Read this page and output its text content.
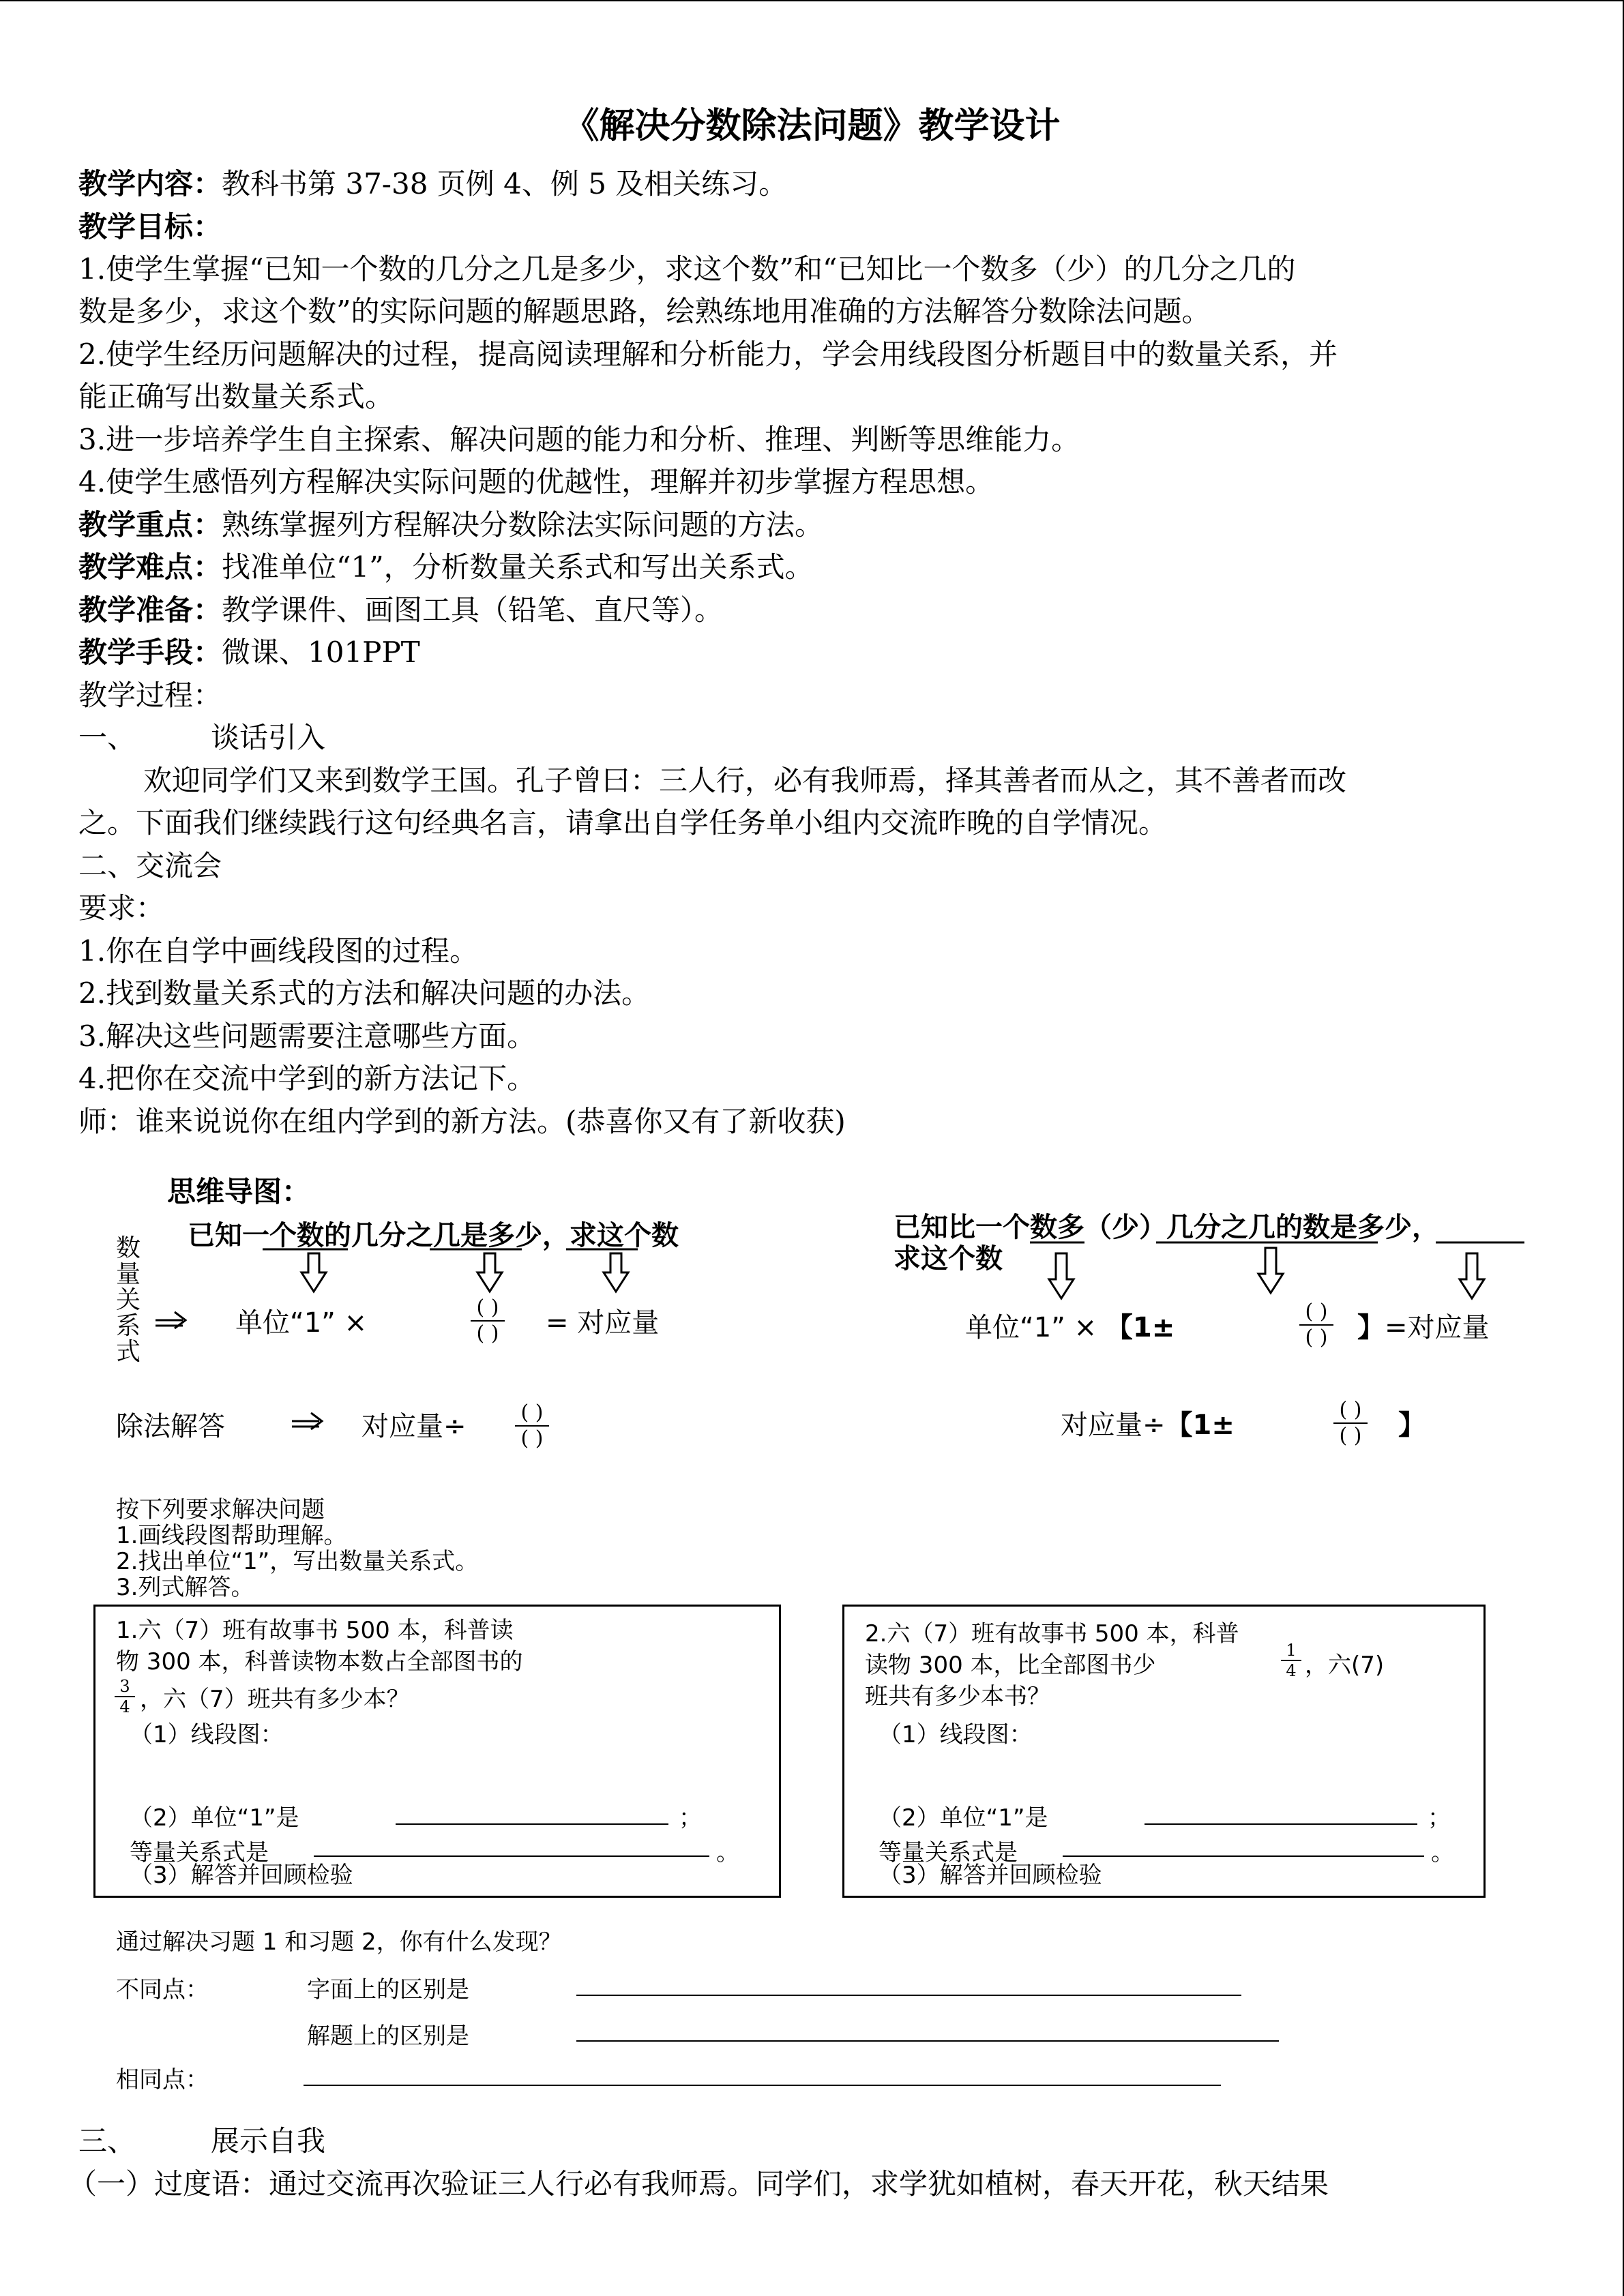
《解决分数除法问题》教学设计
教学内容：教科书第 37-38 页例 4、例 5 及相关练习。
教学目标：
1.使学生掌握“已知一个数的几分之几是多少，求这个数”和“已知比一个数多（少）的几分之几的
数是多少，求这个数”的实际问题的解题思路，绘熟练地用准确的方法解答分数除法问题。
2.使学生经历问题解决的过程，提高阅读理解和分析能力，学会用线段图分析题目中的数量关系，并
能正确写出数量关系式。
3.进一步培养学生自主探索、解决问题的能力和分析、推理、判断等思维能力。
4.使学生感悟列方程解决实际问题的优越性，理解并初步掌握方程思想。
教学重点：熟练掌握列方程解决分数除法实际问题的方法。
教学难点：找准单位“1”，分析数量关系式和写出关系式。
教学准备：教学课件、画图工具（铅笔、直尺等）。
教学手段：微课、101PPT
教学过程：
一、	谈话引入
欢迎同学们又来到数学王国。孔子曾曰：三人行，必有我师焉，择其善者而从之，其不善者而改
之。下面我们继续践行这句经典名言，请拿出自学任务单小组内交流昨晚的自学情况。
二、交流会
要求：
1.你在自学中画线段图的过程。
2.找到数量关系式的方法和解决问题的办法。
3.解决这些问题需要注意哪些方面。
4.把你在交流中学到的新方法记下。
师：谁来说说你在组内学到的新方法。(恭喜你又有了新收获)
思维导图：
已知一个数的几分之几是多少，求这个数	已知比一个数多（少）几分之几的数是多少，
求这个数
数
量
关
系
式
单位“1” ×	( )
( ) = 对应量
除法解答	对应量÷	( )
( )
单位“1” × 【1±
( )
( ) 】=对应量
对应量÷【1±	( )
( ) 】
按下列要求解决问题
1.画线段图帮助理解。
2.找出单位“1”，写出数量关系式。
3.列式解答。
1.六（7）班有故事书 500 本，科普读
物 300 本，科普读物本数占全部图书的
3
4 ，六（7）班共有多少本？
（1）线段图：
（2）单位“1”是	；
等量关系式是	。
（3）解答并回顾检验
2.六（7）班有故事书 500 本，科普
读物 300 本，比全部图书少
1
4 ，六(7)
班共有多少本书？
（1）线段图：
（2）单位“1”是	；
等量关系式是	。
（3）解答并回顾检验
通过解决习题 1 和习题 2，你有什么发现？
不同点：	字面上的区别是
解题上的区别是
相同点：
三、	展示自我
（一）过度语：通过交流再次验证三人行必有我师焉。同学们，求学犹如植树，春天开花，秋天结果
